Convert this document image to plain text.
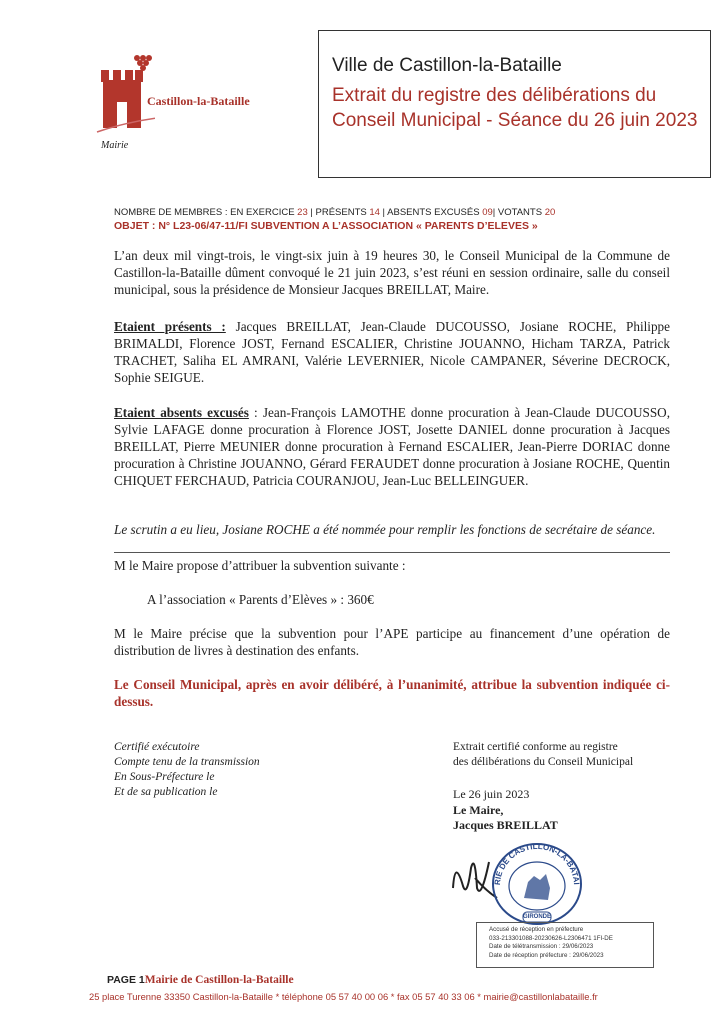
Castillon-la-Bataille
Mairie
Ville de Castillon-la-Bataille
Extrait du registre des délibérations du Conseil Municipal - Séance du 26 juin 2023
NOMBRE DE MEMBRES : EN EXERCICE 23 | PRÉSENTS 14 | ABSENTS EXCUSÉS 09| VOTANTS 20
OBJET : N° L23-06/47-11/FI SUBVENTION A L’ASSOCIATION « PARENTS D’ELEVES »
L’an deux mil vingt-trois, le vingt-six juin à 19 heures 30, le Conseil Municipal de la Commune de Castillon-la-Bataille dûment convoqué le 21 juin 2023, s’est réuni en session ordinaire, salle du conseil municipal, sous la présidence de Monsieur Jacques BREILLAT, Maire.
Etaient présents : Jacques BREILLAT, Jean-Claude DUCOUSSO, Josiane ROCHE, Philippe BRIMALDI, Florence JOST, Fernand ESCALIER, Christine JOUANNO, Hicham TARZA, Patrick TRACHET, Saliha EL AMRANI, Valérie LEVERNIER, Nicole CAMPANER, Séverine DECROCK, Sophie SEIGUE.
Etaient absents excusés : Jean-François LAMOTHE donne procuration à Jean-Claude DUCOUSSO, Sylvie LAFAGE donne procuration à Florence JOST, Josette DANIEL donne procuration à Jacques BREILLAT, Pierre MEUNIER donne procuration à Fernand ESCALIER, Jean-Pierre DORIAC donne procuration à Christine JOUANNO, Gérard FERAUDET donne procuration à Josiane ROCHE, Quentin CHIQUET FERCHAUD, Patricia COURANJOU, Jean-Luc BELLEINGUER.
Le scrutin a eu lieu, Josiane ROCHE a été nommée pour remplir les fonctions de secrétaire de séance.
M le Maire propose d’attribuer la subvention suivante :
A l’association « Parents d’Elèves » : 360€
M le Maire précise que la subvention pour l’APE participe au financement d’une opération de distribution de livres à destination des enfants.
Le Conseil Municipal, après en avoir délibéré, à l’unanimité, attribue la subvention indiquée ci-dessus.
Certifié exécutoire
Compte tenu de la transmission
En Sous-Préfecture le
Et de sa publication le
Extrait certifié conforme au registre
des délibérations du Conseil Municipal
Le 26 juin 2023
Le Maire,
Jacques BREILLAT
RIE DE CASTILLON-LA-BATAI
GIRONDE
Accusé de réception en préfecture
033-213301088-20230626-L2306471 1FI-DE
Date de télétransmission : 29/06/2023
Date de réception préfecture : 29/06/2023
PAGE 1Mairie de Castillon-la-Bataille
25 place Turenne 33350 Castillon-la-Bataille * téléphone 05 57 40 00 06 * fax 05 57 40 33 06 * mairie@castillonlabataille.fr
